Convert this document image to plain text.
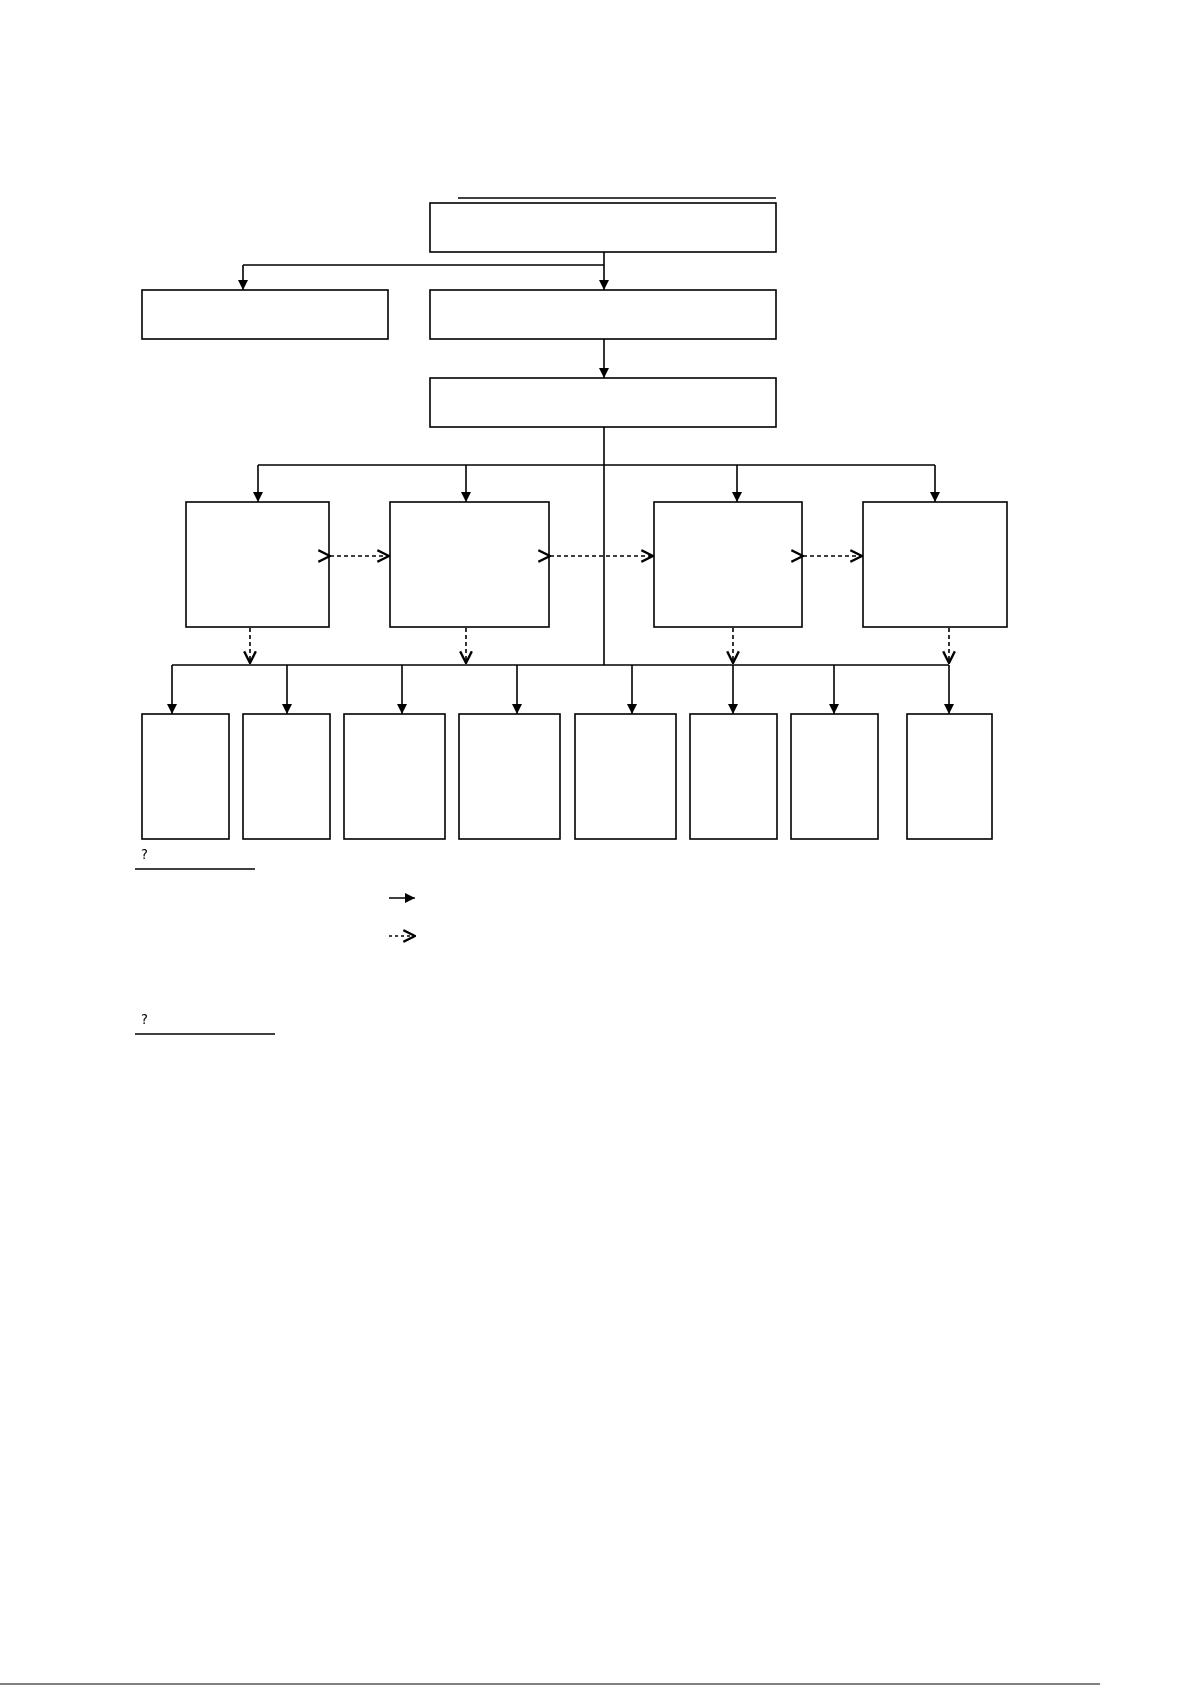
?
?
